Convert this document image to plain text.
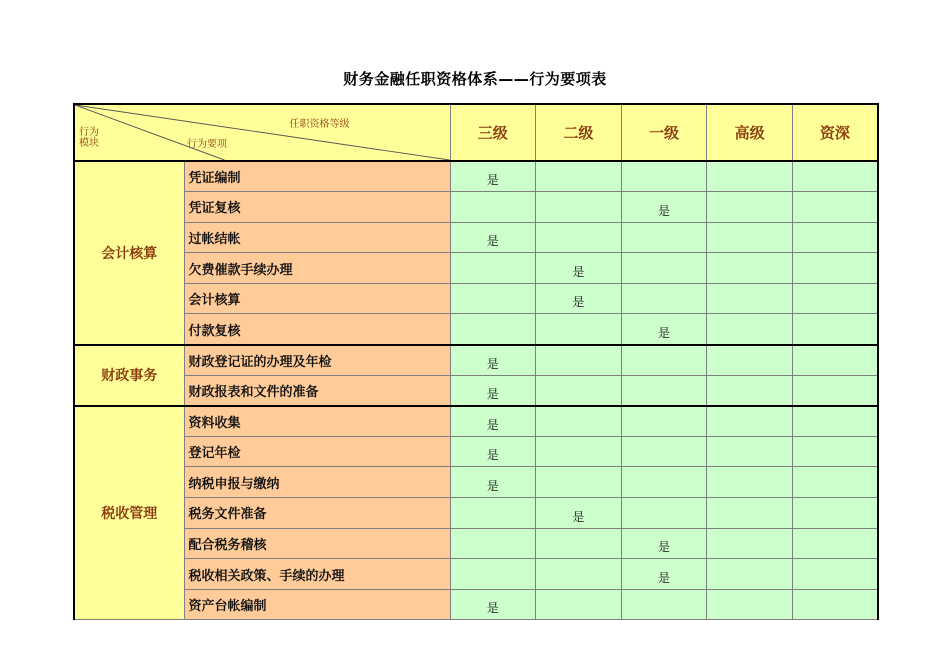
财务金融任职资格体系——行为要项表
任职资格等级
行为要项
行为
模块		三级	二级	一级	高级	资深
会计核算	凭证编制	是				
	凭证复核			是		
	过帐结帐	是				
	欠费催款手续办理		是			
	会计核算		是			
	付款复核			是		
财政事务	财政登记证的办理及年检	是				
	财政报表和文件的准备	是				
税收管理	资料收集	是				
	登记年检	是				
	纳税申报与缴纳	是				
	税务文件准备		是			
	配合税务稽核			是		
	税收相关政策、手续的办理			是		
	资产台帐编制	是				
